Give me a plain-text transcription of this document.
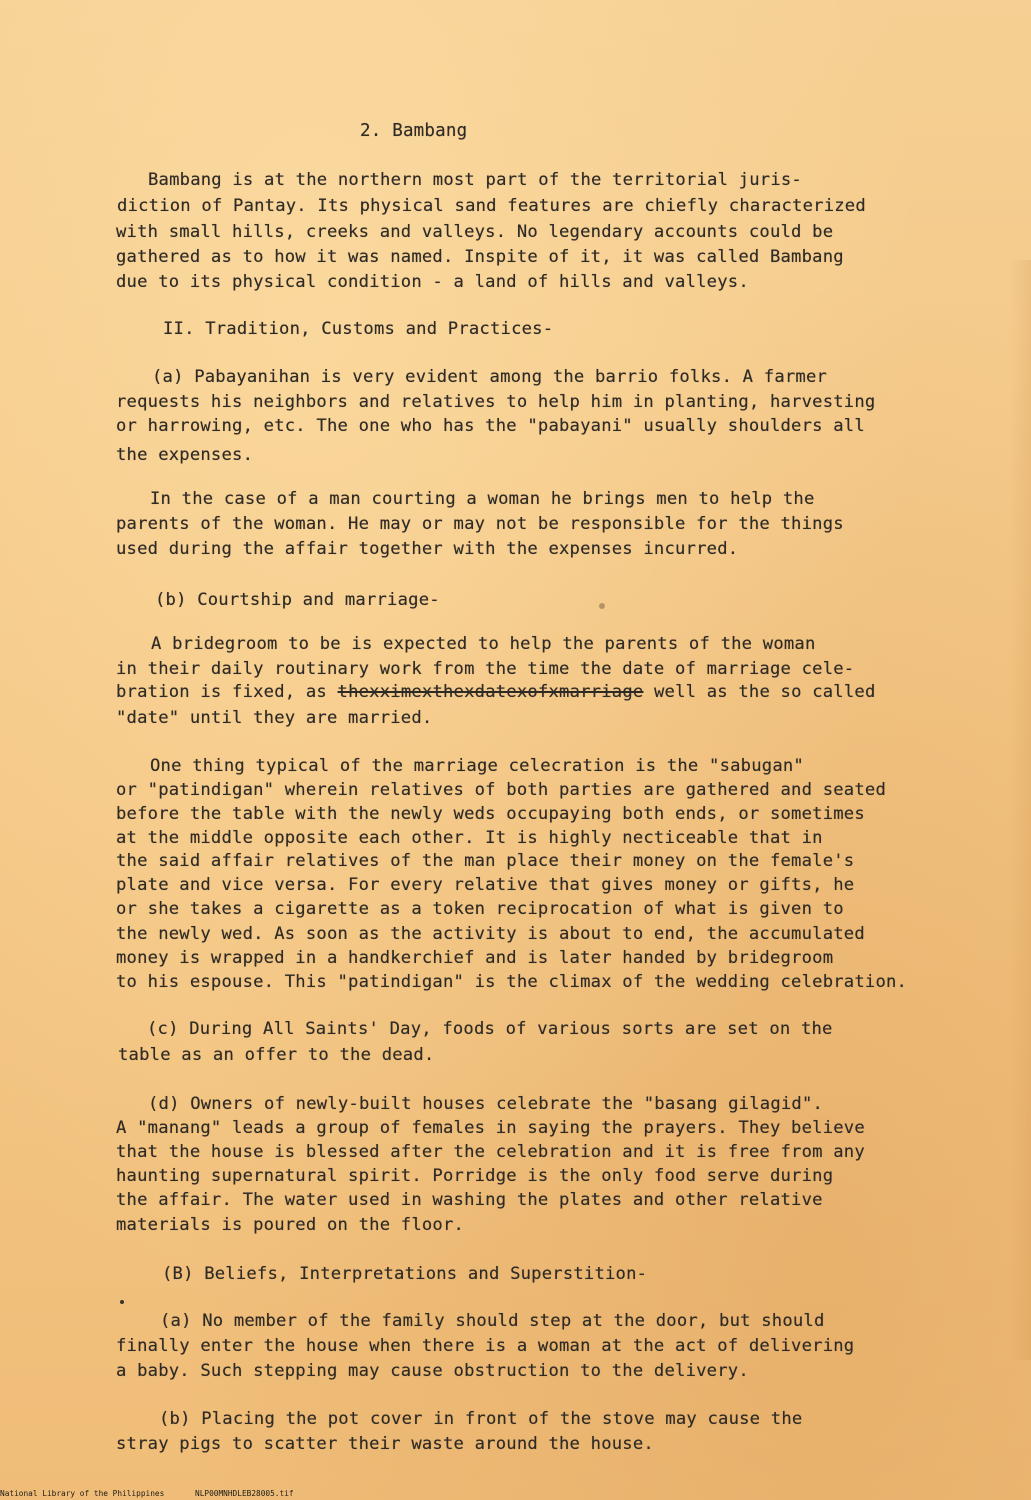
2. Bambang

Bambang is at the northern most part of the territorial juris-

diction of Pantay. Its physical sand features are chiefly characterized

with small hills, creeks and valleys. No legendary accounts could be

gathered as to how it was named. Inspite of it, it was called Bambang

due to its physical condition - a land of hills and valleys.

II. Tradition, Customs and Practices-

(a) Pabayanihan is very evident among the barrio folks. A farmer

requests his neighbors and relatives to help him in planting, harvesting

or harrowing, etc. The one who has the "pabayani" usually shoulders all

the expenses.

In the case of a man courting a woman he brings men to help the

parents of the woman. He may or may not be responsible for the things

used during the affair together with the expenses incurred.

(b) Courtship and marriage-

A bridegroom to be is expected to help the parents of the woman

in their daily routinary work from the time the date of marriage cele-

bration is fixed, as thexximexthexdatexofxmarriage well as the so called

"date" until they are married.

One thing typical of the marriage celecration is the "sabugan"

or "patindigan" wherein relatives of both parties are gathered and seated

before the table with the newly weds occupaying both ends, or sometimes

at the middle opposite each other. It is highly necticeable that in

the said affair relatives of the man place their money on the female's

plate and vice versa. For every relative that gives money or gifts, he

or she takes a cigarette as a token reciprocation of what is given to

the newly wed. As soon as the activity is about to end, the accumulated

money is wrapped in a handkerchief and is later handed by bridegroom

to his espouse. This "patindigan" is the climax of the wedding celebration.

(c) During All Saints' Day, foods of various sorts are set on the

table as an offer to the dead.

(d) Owners of newly-built houses celebrate the "basang gilagid".

A "manang" leads a group of females in saying the prayers. They believe

that the house is blessed after the celebration and it is free from any

haunting supernatural spirit. Porridge is the only food serve during

the affair. The water used in washing the plates and other relative

materials is poured on the floor.

(B) Beliefs, Interpretations and Superstition-

(a) No member of the family should step at the door, but should

finally enter the house when there is a woman at the act of delivering

a baby. Such stepping may cause obstruction to the delivery.

(b) Placing the pot cover in front of the stove may cause the

stray pigs to scatter their waste around the house.

National Library of the Philippines	NLP00MNHDLEB28005.tif
